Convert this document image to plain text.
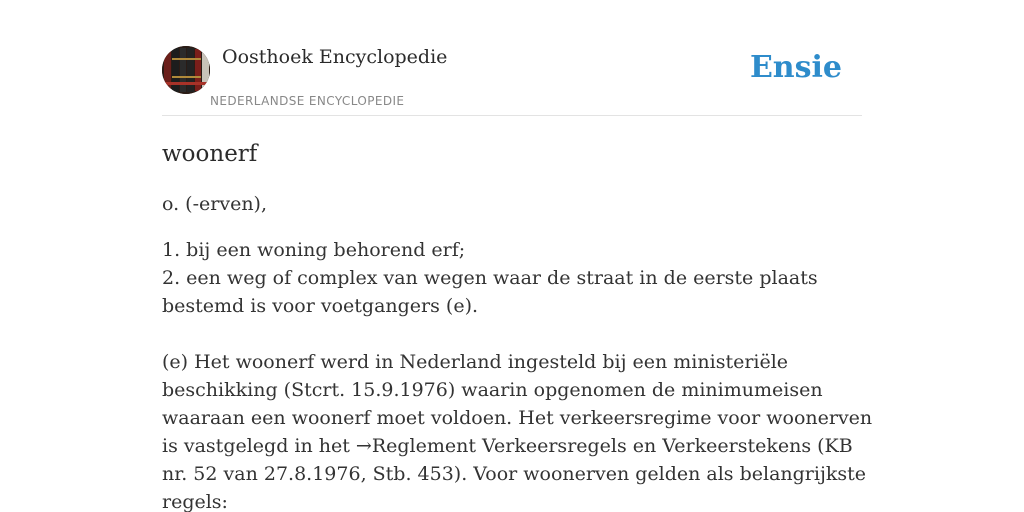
Oosthoek Encyclopedie
NEDERLANDSE ENCYCLOPEDIE
Ensie
woonerf

o. (-erven),

1. bij een woning behorend erf;
2. een weg of complex van wegen waar de straat in de eerste plaats bestemd is voor voetgangers (e).

(e) Het woonerf werd in Nederland ingesteld bij een ministeriële beschikking (Stcrt. 15.9.1976) waarin opgenomen de minimumeisen waaraan een woonerf moet voldoen. Het verkeersregime voor woonerven is vastgelegd in het →Reglement Verkeersregels en Verkeerstekens (KB nr. 52 van 27.8.1976, Stb. 453). Voor woonerven gelden als belangrijkste regels:
